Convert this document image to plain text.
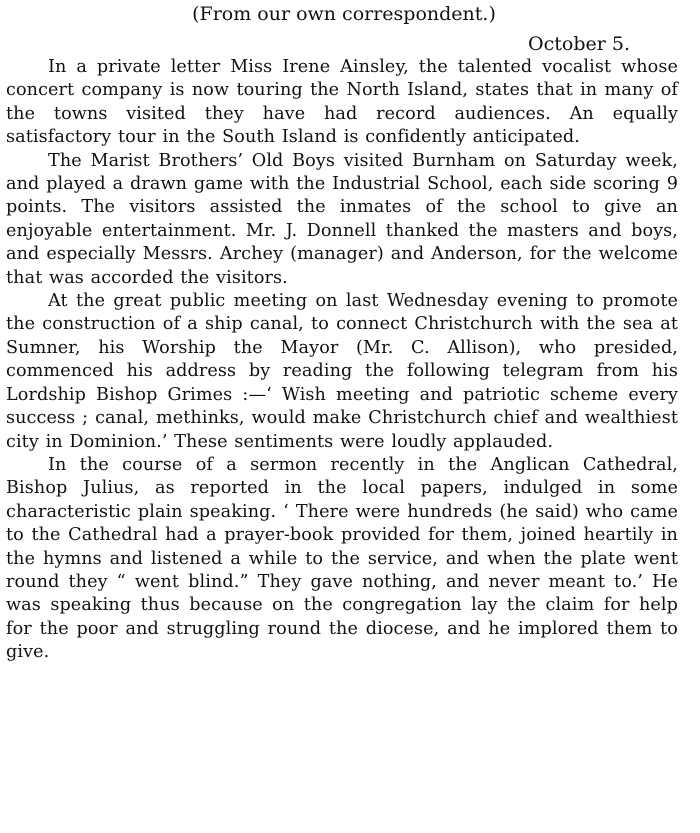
(From our own correspondent.)

October 5.

In a private letter Miss Irene Ainsley, the talented vocalist whose concert company is now touring the North Island, states that in many of the towns visited they have had record audiences. An equally satisfactory tour in the South Island is confidently anticipated.

The Marist Brothers’ Old Boys visited Burnham on Saturday week, and played a drawn game with the Industrial School, each side scoring 9 points. The visitors assisted the inmates of the school to give an enjoyable entertainment. Mr. J. Donnell thanked the masters and boys, and especially Messrs. Archey (manager) and Anderson, for the welcome that was accorded the visitors.

At the great public meeting on last Wednesday evening to promote the construction of a ship canal, to connect Christchurch with the sea at Sumner, his Worship the Mayor (Mr. C. Allison), who presided, commenced his address by reading the following telegram from his Lordship Bishop Grimes :—‘ Wish meeting and patriotic scheme every success ; canal, methinks, would make Christchurch chief and wealthiest city in Dominion.’ These sentiments were loudly applauded.

In the course of a sermon recently in the Anglican Cathedral, Bishop Julius, as reported in the local papers, indulged in some characteristic plain speaking. ‘ There were hundreds (he said) who came to the Cathedral had a prayer-book provided for them, joined heartily in the hymns and listened a while to the service, and when the plate went round they “ went blind.” They gave nothing, and never meant to.’ He was speaking thus because on the congregation lay the claim for help for the poor and struggling round the diocese, and he implored them to give.
